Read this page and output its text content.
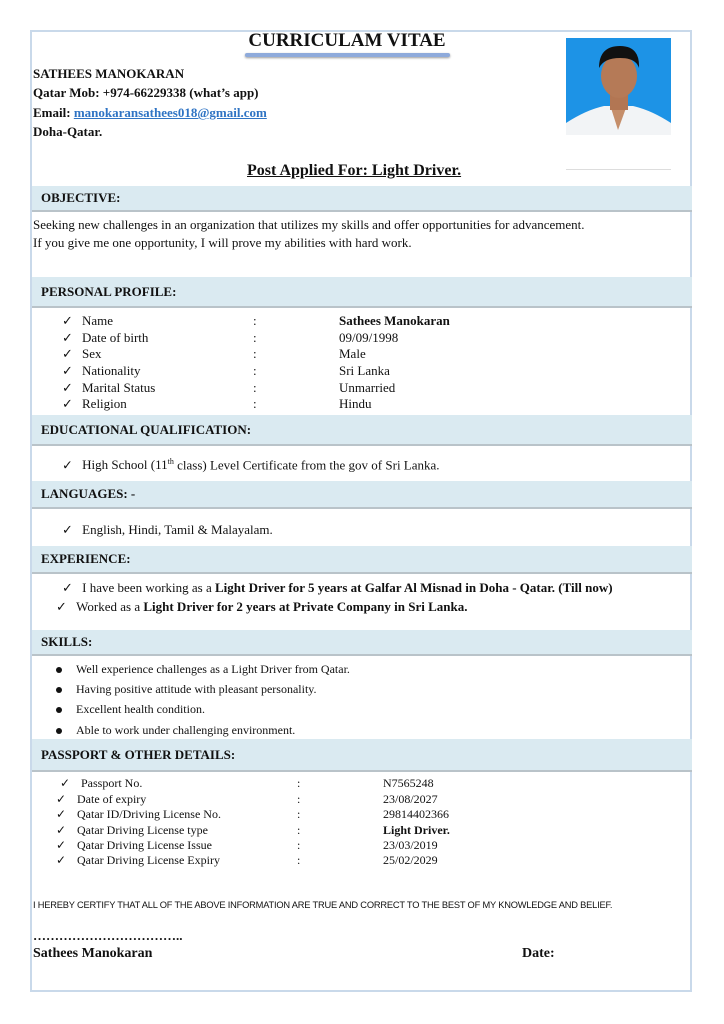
CURRICULAM VITAE
SATHEES MANOKARAN
Qatar Mob: +974-66229338 (what’s app)
Email: manokaransathees018@gmail.com
Doha-Qatar.
Post Applied For: Light Driver.
OBJECTIVE:
Seeking new challenges in an organization that utilizes my skills and offer opportunities for advancement.
If you give me one opportunity, I will prove my abilities with hard work.
PERSONAL PROFILE:
✓ Name	:	Sathees Manokaran
✓ Date of birth	:	09/09/1998
✓ Sex	:	Male
✓ Nationality	:	Sri Lanka
✓ Marital Status	:	Unmarried
✓ Religion	:	Hindu
EDUCATIONAL QUALIFICATION:
✓ High School (11th class) Level Certificate from the gov of Sri Lanka.
LANGUAGES: -
✓ English, Hindi, Tamil & Malayalam.
EXPERIENCE:
✓ I have been working as a Light Driver for 5 years at Galfar Al Misnad in Doha - Qatar. (Till now)
✓ Worked as a Light Driver for 2 years at Private Company in Sri Lanka.
SKILLS:
Well experience challenges as a Light Driver from Qatar.
Having positive attitude with pleasant personality.
Excellent health condition.
Able to work under challenging environment.
PASSPORT & OTHER DETAILS:
✓ Passport No.	:	N7565248
✓ Date of expiry	:	23/08/2027
✓ Qatar ID/Driving License No.	:	29814402366
✓ Qatar Driving License type	:	Light Driver.
✓ Qatar Driving License Issue	:	23/03/2019
✓ Qatar Driving License Expiry	:	25/02/2029
I HEREBY CERTIFY THAT ALL OF THE ABOVE INFORMATION ARE TRUE AND CORRECT TO THE BEST OF MY KNOWLEDGE AND BELIEF.
……………………………..
Sathees Manokaran	Date:
